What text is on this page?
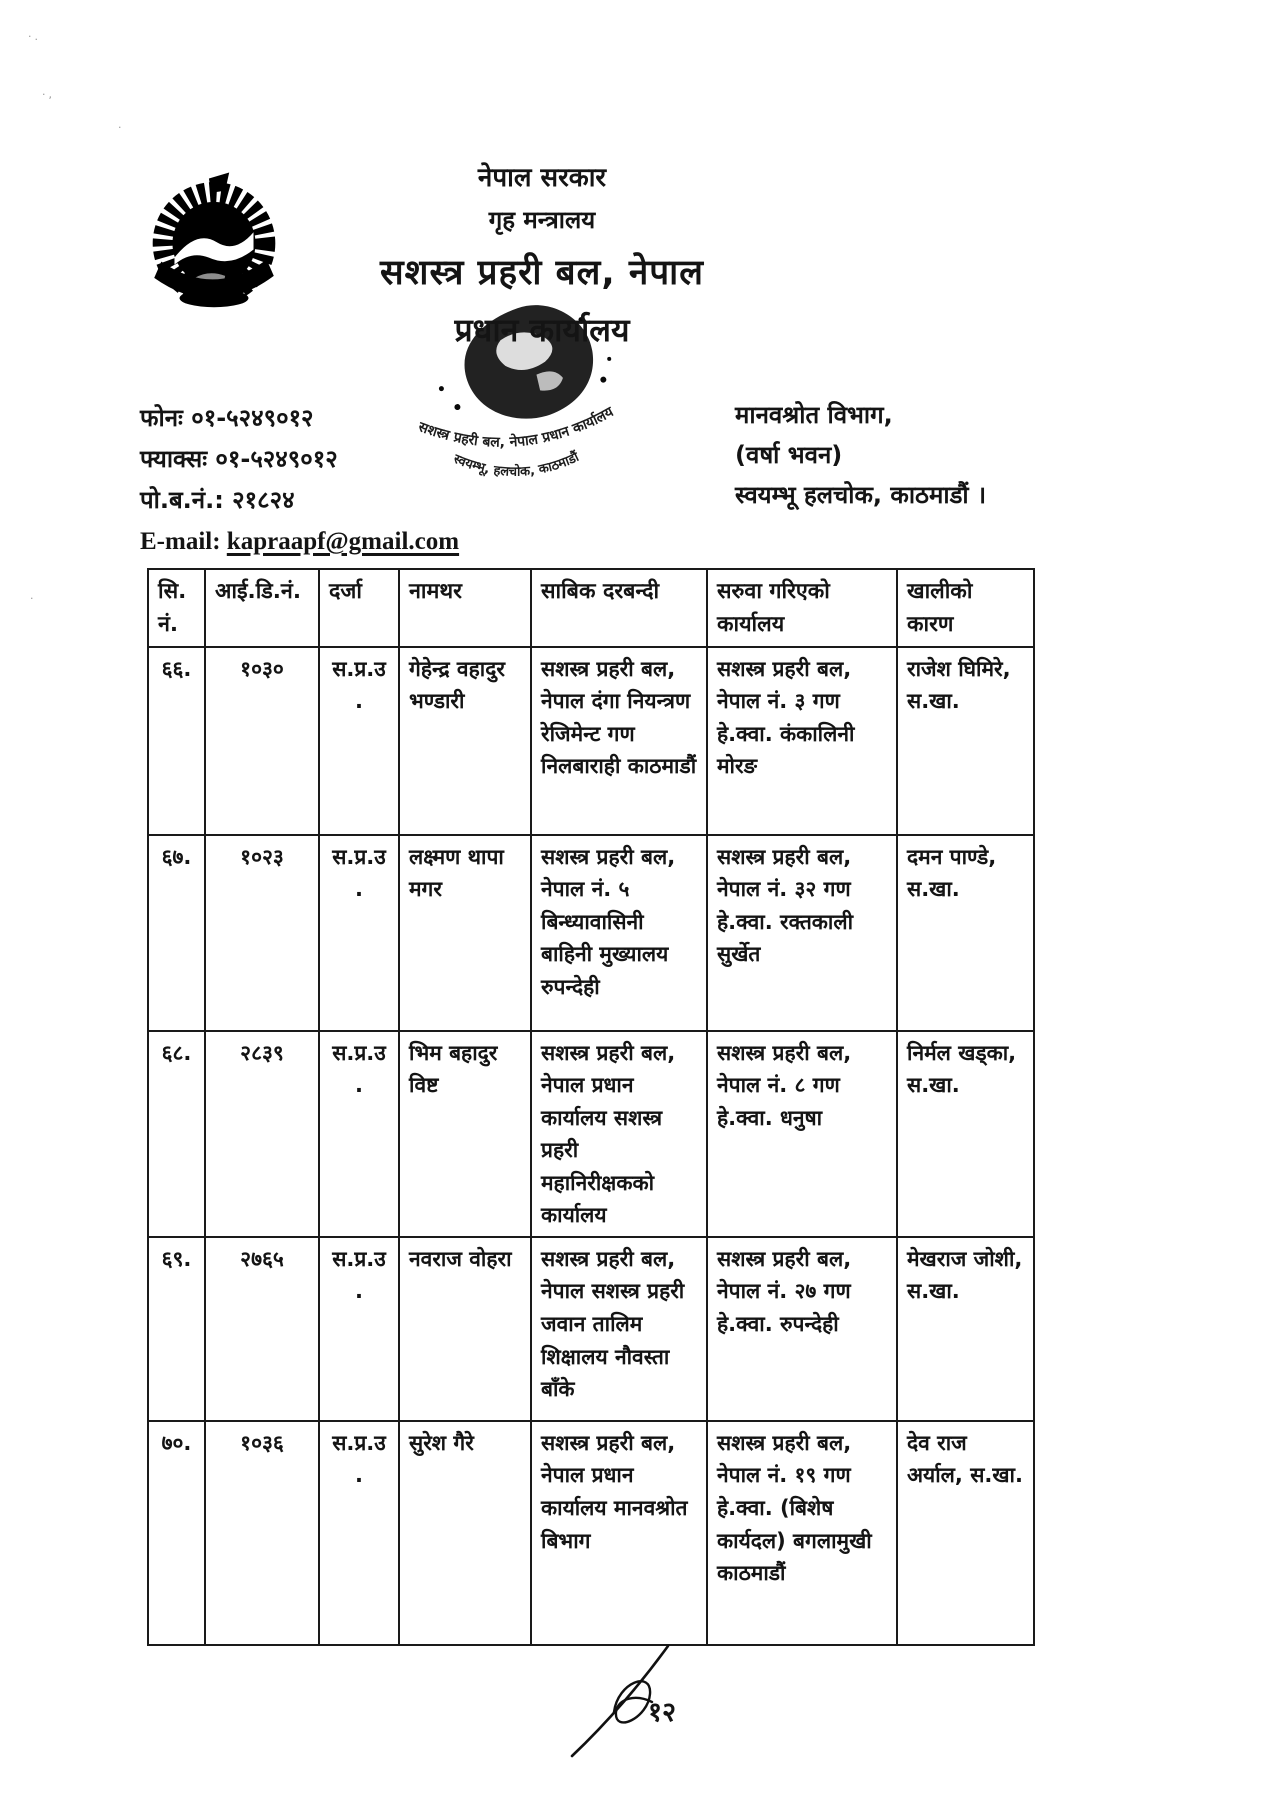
·.
·,
.
·
नेपाल सरकार
गृह मन्त्रालय
सशस्त्र प्रहरी बल, नेपाल
प्रधान कार्यालय
सशस्त्र प्रहरी बल, नेपाल प्रधान कार्यालय
स्वयम्भू, हलचोक, काठमाडौं
फोनः ०१-५२४९०१२
फ्याक्सः ०१-५२४९०१२
पो.ब.नं.: २१८२४
E-mail: kapraapf@gmail.com
मानवश्रोत विभाग,
(वर्षा भवन)
स्वयम्भू हलचोक, काठमाडौं ।
सि.नं.	आई.डि.नं.	दर्जा	नामथर	साबिक दरबन्दी	सरुवा गरिएको कार्यालय	खालीको कारण
६६.	१०३०	स.प्र.उ.	गेहेन्द्र वहादुर भण्डारी	सशस्त्र प्रहरी बल, नेपाल दंगा नियन्त्रण रेजिमेन्ट गण निलबाराही काठमाडौं	सशस्त्र प्रहरी बल, नेपाल नं. ३ गण हे.क्वा. कंकालिनी मोरङ	राजेश घिमिरे, स.खा.
६७.	१०२३	स.प्र.उ.	लक्ष्मण थापा मगर	सशस्त्र प्रहरी बल, नेपाल नं. ५ बिन्ध्यावासिनी बाहिनी मुख्यालय रुपन्देही	सशस्त्र प्रहरी बल, नेपाल नं. ३२ गण हे.क्वा. रक्तकाली सुर्खेत	दमन पाण्डे, स.खा.
६८.	२८३९	स.प्र.उ.	भिम बहादुर विष्ट	सशस्त्र प्रहरी बल, नेपाल प्रधान कार्यालय सशस्त्र प्रहरी महानिरीक्षकको कार्यालय	सशस्त्र प्रहरी बल, नेपाल नं. ८ गण हे.क्वा. धनुषा	निर्मल खड्का, स.खा.
६९.	२७६५	स.प्र.उ.	नवराज वोहरा	सशस्त्र प्रहरी बल, नेपाल सशस्त्र प्रहरी जवान तालिम शिक्षालय नौवस्ता बाँके	सशस्त्र प्रहरी बल, नेपाल नं. २७ गण हे.क्वा. रुपन्देही	मेखराज जोशी, स.खा.
७०.	१०३६	स.प्र.उ.	सुरेश गैरे	सशस्त्र प्रहरी बल, नेपाल प्रधान कार्यालय मानवश्रोत बिभाग	सशस्त्र प्रहरी बल, नेपाल नं. १९ गण हे.क्वा. (बिशेष कार्यदल) बगलामुखी काठमाडौं	देव राज अर्याल, स.खा.
१२
